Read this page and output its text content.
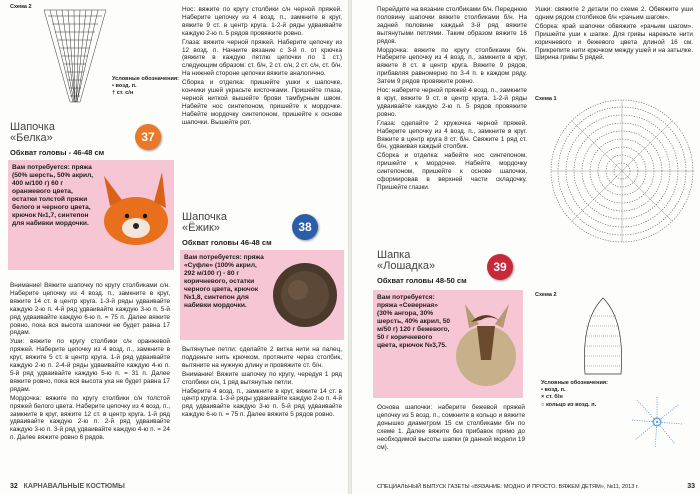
Схема 2
Условные обозначения:
• возд. п.
† ст. с/н
Шапочка
«Белка»
Обхват головы - 46-48 см
37
Вам потребуется: пряжа (50% шерсть, 50% акрил, 400 м/100 г) 60 г оранжевого цвета, остатки толстой пряжи белого и черного цвета, крючок №1,7, синтепон для набивки мордочки.

Внимание! Вяжите шапочку по кругу столбиками с/н. Наберите цепочку из 4 возд. п., замкните в круг, вяжите 14 ст. в центр круга. 1-3-й ряды удваивайте каждую 2-ю п. 4-й ряд удваивайте каждую 3-ю п. 5-й ряд удваивайте каждую 6-ю п. = 75 п. Далее вяжите ровно, пока вся высота шапочки не будет равна 17 рядам.

Уши: вяжите по кругу столбики с/н оранжевой пряжей. Наберите цепочку из 4 возд. п., замкните в круг, вяжите 5 ст. в центр круга. 1-й ряд удваивайте каждую 2-ю п. 2-4-й ряды удваивайте каждую 4-ю п. 5-й ряд удваивайте каждую 5-ю п. = 31 п. Далее вяжите ровно, пока вся высота уха не будет равна 17 рядам.

Мордочка: вяжите по кругу столбики с/н толстой пряжей белого цвета. Наберите цепочку из 4 возд. п., замкните в круг, вяжите 12 ст. в центр круга. 1-й ряд удваивайте каждую 2-ю п. 2-й ряд удваивайте каждую 3-ю п. 3-й ряд удваивайте каждую 4-ю п. = 24 п. Далее вяжите ровно 6 рядов.

Нос: вяжите по кругу столбики с/н черной пряжей. Наберите цепочку из 4 возд. п., замкните в круг, вяжите 9 ст. в центр круга. 1-2-й ряды удваивайте каждую 2-ю п. 5 рядов провяжите ровно.

Глаза: вяжите черной пряжей. Наберите цепочку из 12 возд. п. Начните вязание с 3-й п. от крючка (вяжите в каждую петлю цепочки по 1 ст.) следующим образом: ст. б/н, 2 ст. с/н, 2 ст. с/н, ст. б/н. На нижней стороне цепочки вяжите аналогично.

Сборка и отделка: пришейте ушки к шапочке, кончики ушей украсьте кисточками. Пришейте глаза, черной ниткой вышейте брови тамбурным швом. Набейте нос синтепоном, пришейте к мордочке. Набейте мордочку синтепоном, пришейте к основе шапочки. Вышейте рот.

Шапочка
«Ёжик»
Обхват головы 46-48 см
38
Вам потребуется: пряжа «Суфле» (100% акрил, 292 м/100 г) - 80 г коричневого, остатки черного цвета, крючок №1,8, синтепон для набивки мордочки.

Вытянутые петли: сделайте 2 витка нити на палец, подденьте нить крючком, протяните через столбик, вытяните на нужную длину и провяжите ст. б/н.

Внимание! Вяжите шапочку по кругу, чередуя 1 ряд столбики с/н, 1 ряд вытянутые петли.

Наберите 4 возд. п., замкните в круг, вяжите 14 ст. в центр круга. 1-3-й ряды удваивайте каждую 2-ю п. 4-й ряд удваивайте каждую 3-ю п. 5-й ряд удваивайте каждую 6-ю п. = 75 п. Далее вяжите 5 рядов ровно.

32 КАРНАВАЛЬНЫЕ КОСТЮМЫ

Перейдите на вязание столбиками б/н. Переднюю половину шапочки вяжите столбиками б/н. На задней половине каждый 3-й ряд вяжите вытянутыми петлями. Таким образом вяжите 16 рядов.

Мордочка: вяжите по кругу столбиками б/н. Наберите цепочку из 4 возд. п., замкните в круг, вяжите 8 ст. в центр круга. Вяжите 9 рядов, прибавляя равномерно по 3-4 п. в каждом ряду. Затем 9 рядов провяжите ровно.

Нос: наберите черной пряжей 4 возд. п., замкните в круг, вяжите 9 ст. в центр круга. 1-2-й ряды удваивайте каждую 2-ю п. 5 рядов провяжите ровно.

Глаза: сделайте 2 кружочка черной пряжей. Наберите цепочку из 4 возд. п., замкните в круг. Вяжите в центр круга 8 ст. б/н. Свяжите 1 ряд ст. б/н, удваивая каждый столбик.

Сборка и отделка: набейте нос синтепоном, пришейте к мордочке. Набейте мордочку синтепоном, пришейте к основе шапочки, сформировав в верхней части складочку. Пришейте глазки.

Ушки: свяжите 2 детали по схеме 2. Обвяжите уши одним рядом столбиков б/н «рачьим шагом».

Сборка: край шапочки обвяжите «рачьим шагом». Пришейте уши к шапке. Для гривы нарежьте нити коричневого и бежевого цвета длиной 16 см. Прикрепите нити крючком между ушей и на затылке. Ширина гривы 5 рядей.

Схема 1
Шапка
«Лошадка»
Обхват головы 48-50 см
39
Вам потребуется: пряжа «Северная» (30% ангора, 30% шерсть, 40% акрил, 50 м/50 г) 120 г бежевого, 50 г коричневого цвета, крючок №3,75.

Основа шапочки: наберите бежевой пряжей цепочку из 5 возд. п., сомкните в кольцо и вяжите донышко диаметром 15 см столбиками б/н по схеме 1. Далее вяжите без прибавок прямо до необходимой высоты шапки (в данной модели 19 см).

Схема 2
Условные обозначения:
• возд. п.
× ст. б/н
○ кольцо из возд. п.
СПЕЦИАЛЬНЫЙ ВЫПУСК ГАЗЕТЫ «ВЯЗАНИЕ: МОДНО И ПРОСТО. ВЯЖЕМ ДЕТЯМ», №11, 2013 г.	33
